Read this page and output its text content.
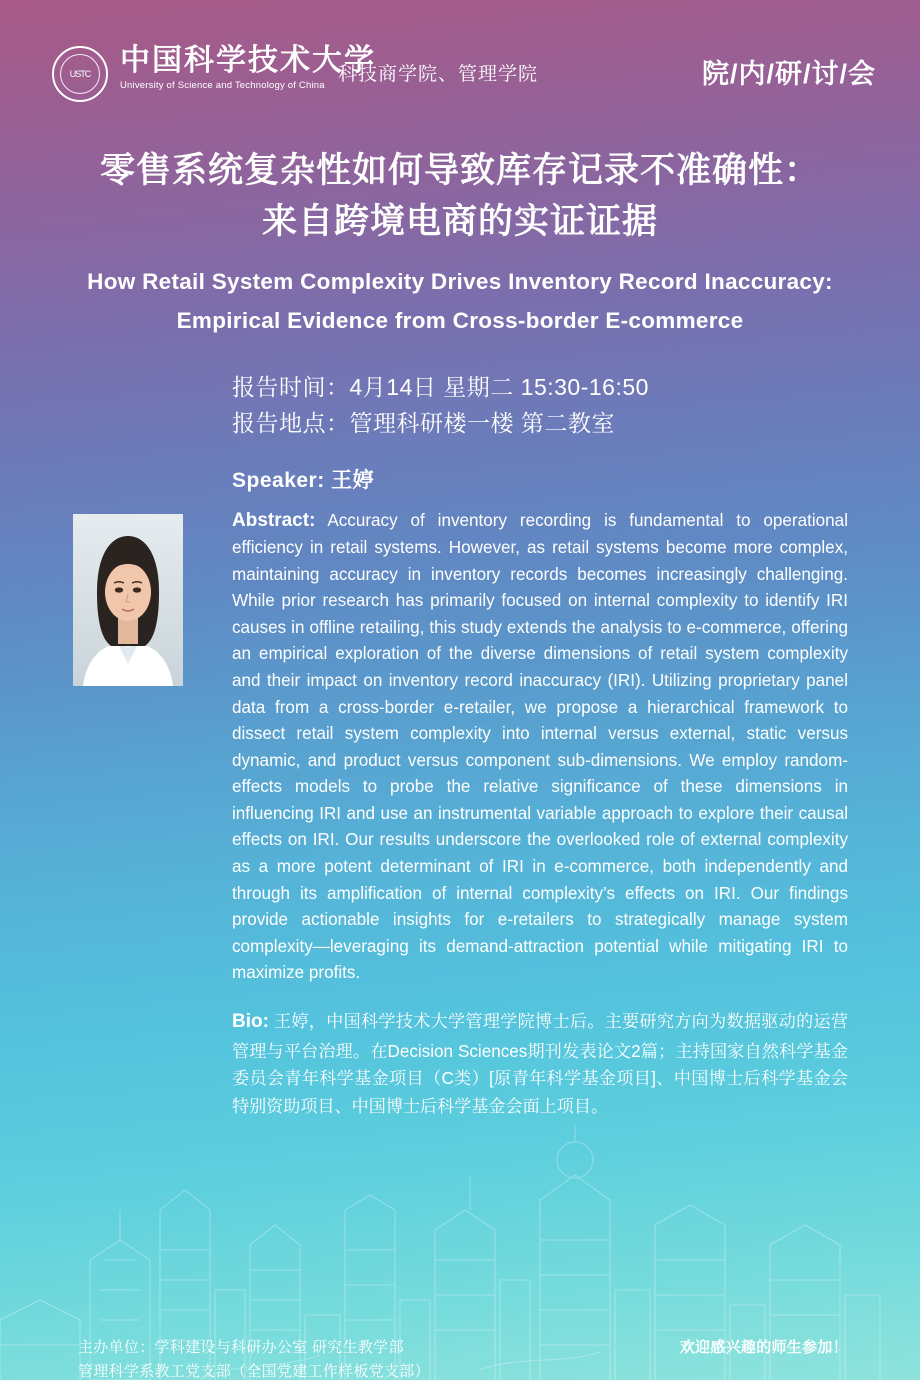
USTC 中国科学技术大学
University of Science and Technology of China
科技商学院、管理学院	院/内/研/讨/会
零售系统复杂性如何导致库存记录不准确性：
来自跨境电商的实证证据
How Retail System Complexity Drives Inventory Record Inaccuracy:
Empirical Evidence from Cross-border E-commerce
报告时间：4月14日 星期二 15:30-16:50
报告地点：管理科研楼一楼 第二教室
Speaker: 王婷
Abstract: Accuracy of inventory recording is fundamental to operational efficiency in retail systems. However, as retail systems become more complex, maintaining accuracy in inventory records becomes increasingly challenging. While prior research has primarily focused on internal complexity to identify IRI causes in offline retailing, this study extends the analysis to e-commerce, offering an empirical exploration of the diverse dimensions of retail system complexity and their impact on inventory record inaccuracy (IRI). Utilizing proprietary panel data from a cross-border e-retailer, we propose a hierarchical framework to dissect retail system complexity into internal versus external, static versus dynamic, and product versus component sub-dimensions. We employ random-effects models to probe the relative significance of these dimensions in influencing IRI and use an instrumental variable approach to explore their causal effects on IRI. Our results underscore the overlooked role of external complexity as a more potent determinant of IRI in e-commerce, both independently and through its amplification of internal complexity’s effects on IRI. Our findings provide actionable insights for e-retailers to strategically manage system complexity—leveraging its demand-attraction potential while mitigating IRI to maximize profits.
Bio: 王婷，中国科学技术大学管理学院博士后。主要研究方向为数据驱动的运营管理与平台治理。在Decision Sciences期刊发表论文2篇；主持国家自然科学基金委员会青年科学基金项目（C类）[原青年科学基金项目]、中国博士后科学基金会特别资助项目、中国博士后科学基金会面上项目。
主办单位：学科建设与科研办公室 研究生教学部
管理科学系教工党支部（全国党建工作样板党支部）
欢迎感兴趣的师生参加！
